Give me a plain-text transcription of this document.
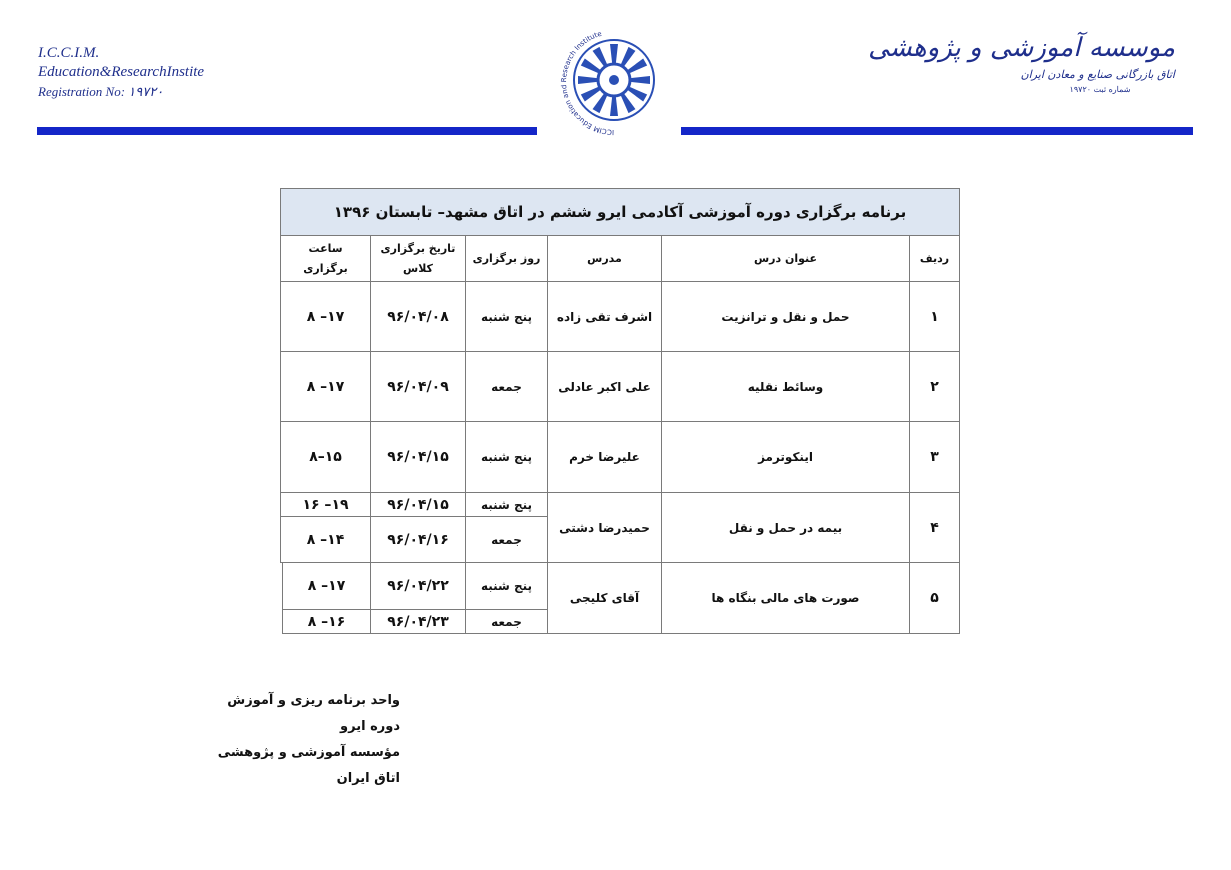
I.C.C.I.M.
Education&ResearchInstite
Registration No: ۱۹۷۲۰
ICCIM Education and Research Institute	موسسه آموزشی و پژوهشی
اتاق بازرگانی صنایع و معادن ایران
شماره ثبت ۱۹۷۲۰
برنامه برگزاری دوره آموزشی آکادمی ایرو ششم در اتاق مشهد– تابستان ۱۳۹۶
ردیف
عنوان درس
مدرس
روز برگزاری
تاریخ برگزاری کلاس
ساعت برگزاری
۱
حمل و نقل و ترانزیت
اشرف تقی زاده
پنج شنبه
۹۶/۰۴/۰۸
۱۷– ۸
۲
وسائط نقلیه
علی اکبر عادلی
جمعه
۹۶/۰۴/۰۹
۱۷– ۸
۳
اینکوترمز
علیرضا خرم
پنج شنبه
۹۶/۰۴/۱۵
۱۵–۸
۴
بیمه در حمل و نقل
حمیدرضا دشتی
پنج شنبه
۹۶/۰۴/۱۵
۱۹– ۱۶
جمعه
۹۶/۰۴/۱۶
۱۴– ۸
۵
صورت های مالی بنگاه ها
آقای کلیجی
پنج شنبه
۹۶/۰۴/۲۲
۱۷– ۸
جمعه
۹۶/۰۴/۲۳
۱۶– ۸
واحد برنامه ریزی و آموزش دوره ایرو
مؤسسه آموزشی و پژوهشی اتاق ایران
